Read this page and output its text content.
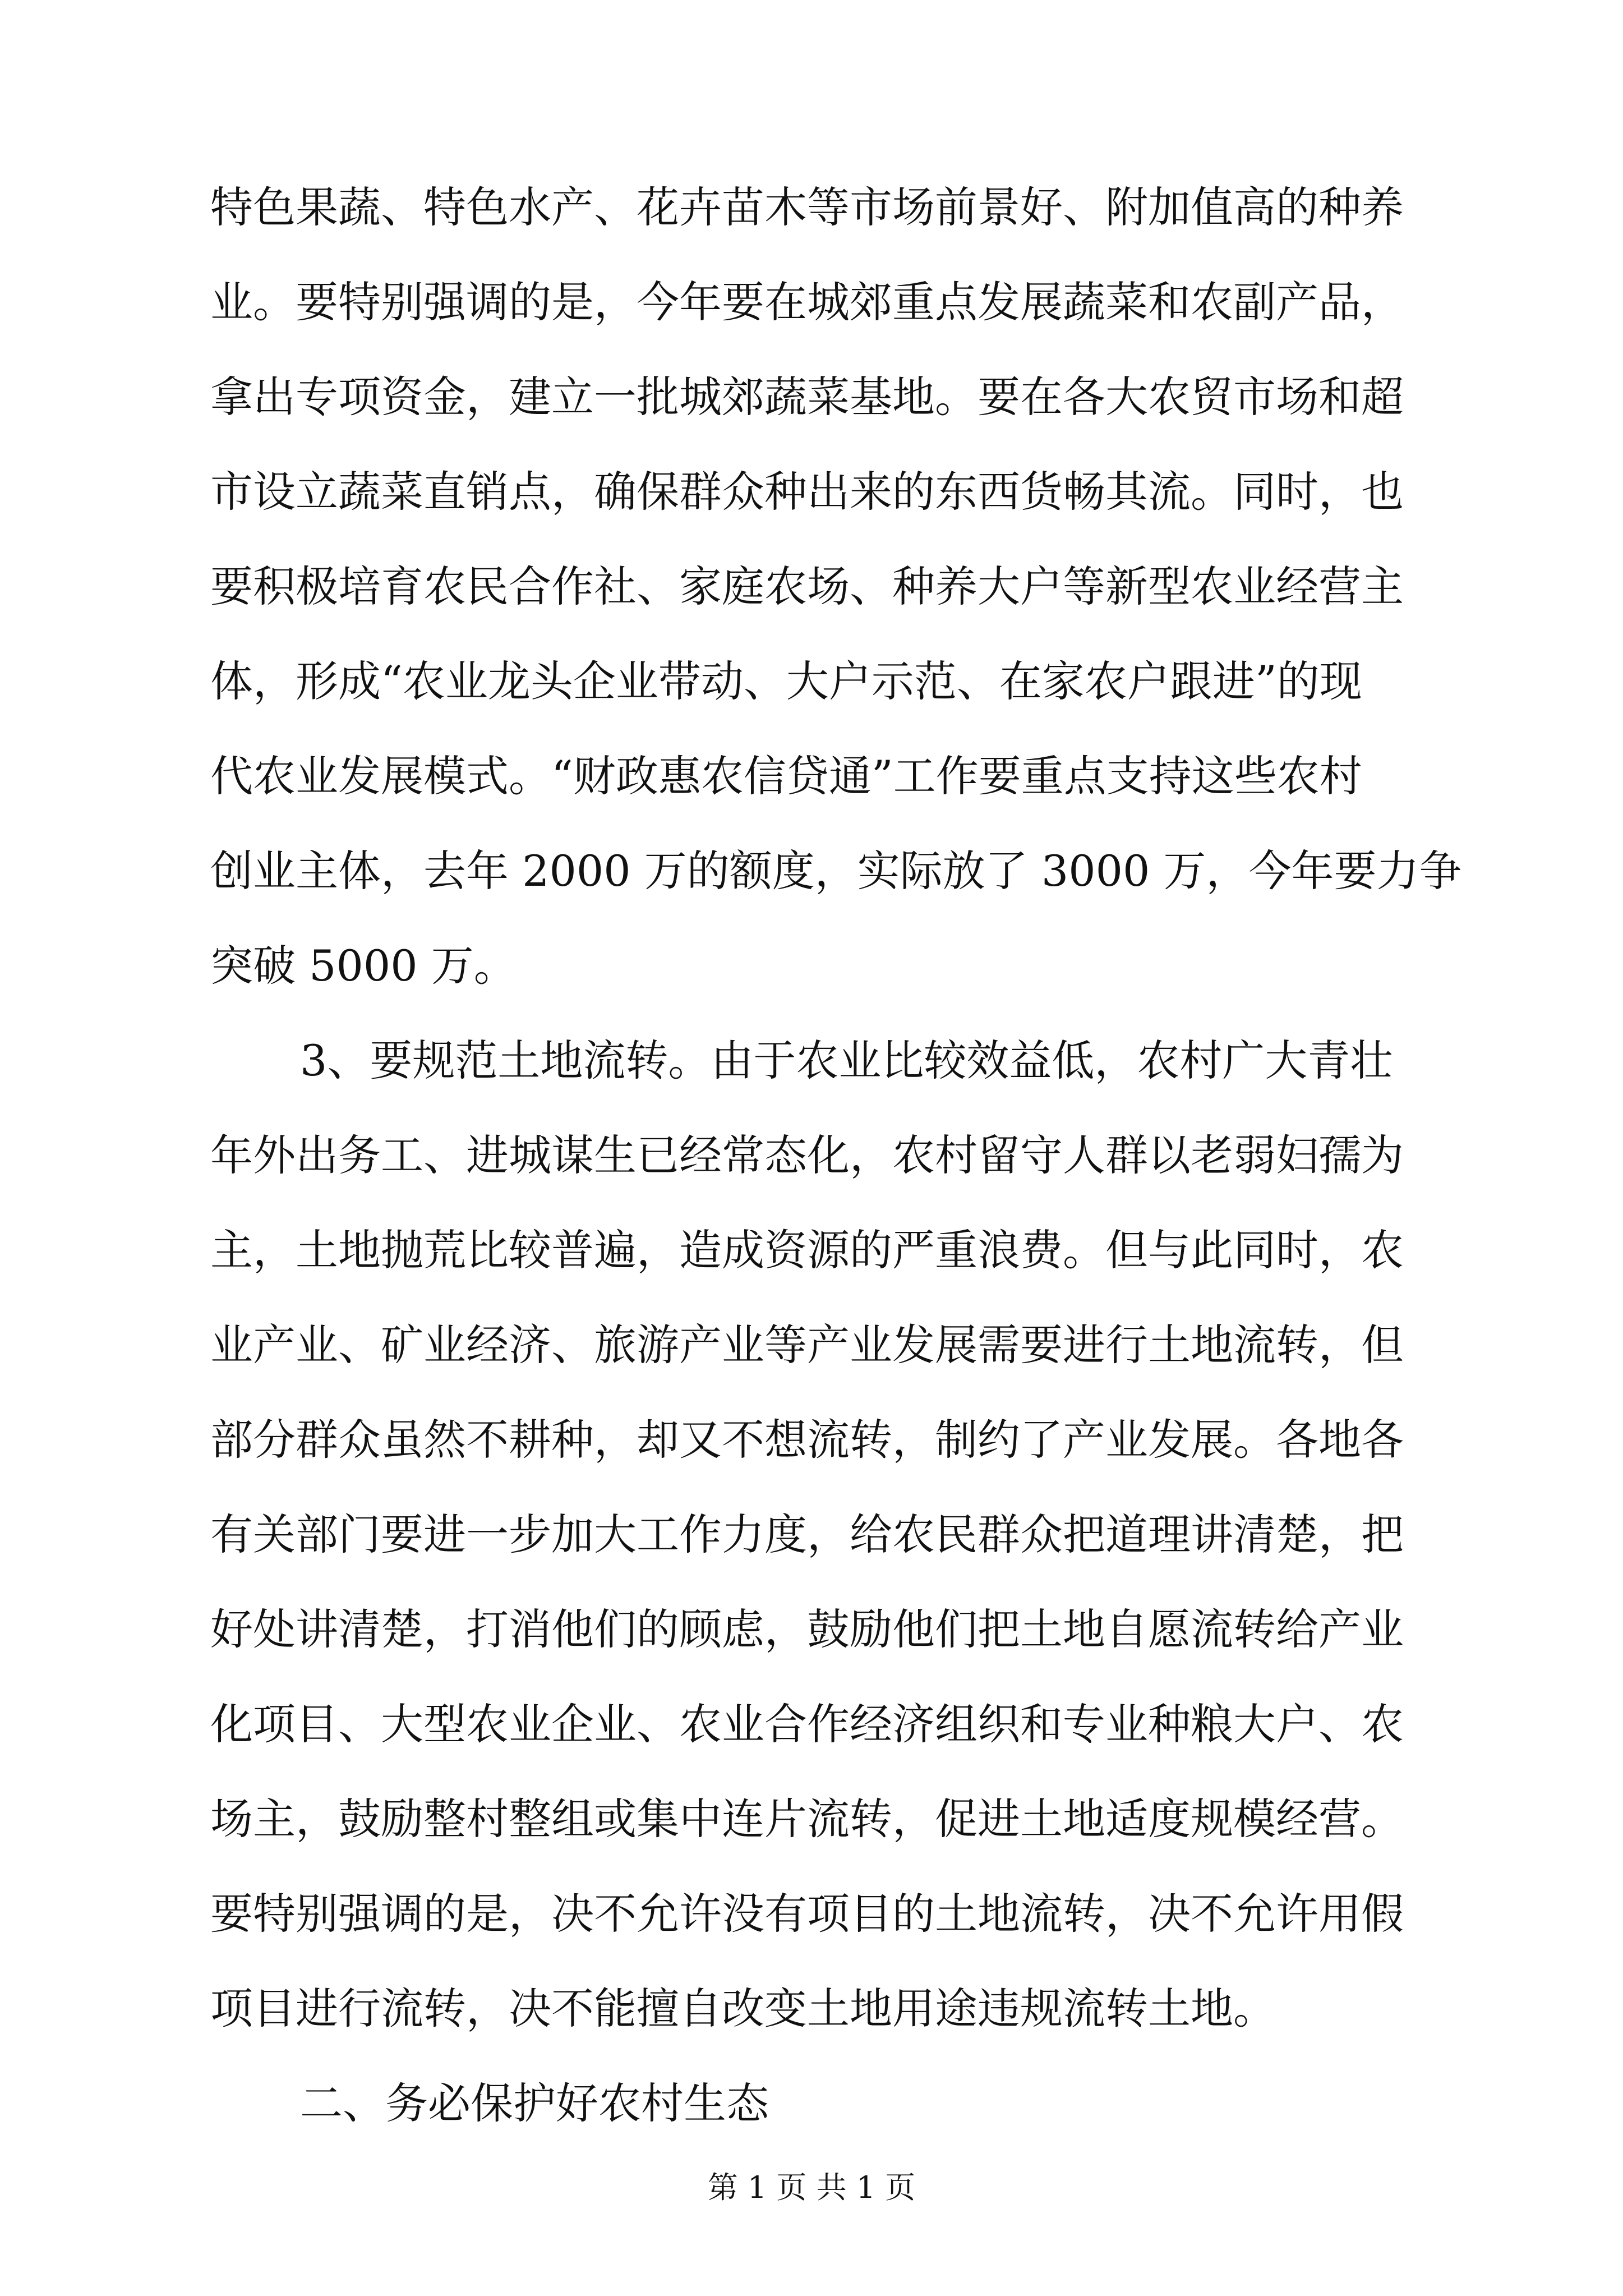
特色果蔬、特色水产、花卉苗木等市场前景好、附加值高的种养
业。要特别强调的是，今年要在城郊重点发展蔬菜和农副产品，
拿出专项资金，建立一批城郊蔬菜基地。要在各大农贸市场和超
市设立蔬菜直销点，确保群众种出来的东西货畅其流。同时，也
要积极培育农民合作社、家庭农场、种养大户等新型农业经营主
体，形成“农业龙头企业带动、大户示范、在家农户跟进”的现
代农业发展模式。“财政惠农信贷通”工作要重点支持这些农村
创业主体，去年 2000 万的额度，实际放了 3000 万，今年要力争
突破 5000 万。
3、要规范土地流转。由于农业比较效益低，农村广大青壮
年外出务工、进城谋生已经常态化，农村留守人群以老弱妇孺为
主，土地抛荒比较普遍，造成资源的严重浪费。但与此同时，农
业产业、矿业经济、旅游产业等产业发展需要进行土地流转，但
部分群众虽然不耕种，却又不想流转，制约了产业发展。各地各
有关部门要进一步加大工作力度，给农民群众把道理讲清楚，把
好处讲清楚，打消他们的顾虑，鼓励他们把土地自愿流转给产业
化项目、大型农业企业、农业合作经济组织和专业种粮大户、农
场主，鼓励整村整组或集中连片流转，促进土地适度规模经营。
要特别强调的是，决不允许没有项目的土地流转，决不允许用假
项目进行流转，决不能擅自改变土地用途违规流转土地。
二、务必保护好农村生态
第 1 页 共 1 页
